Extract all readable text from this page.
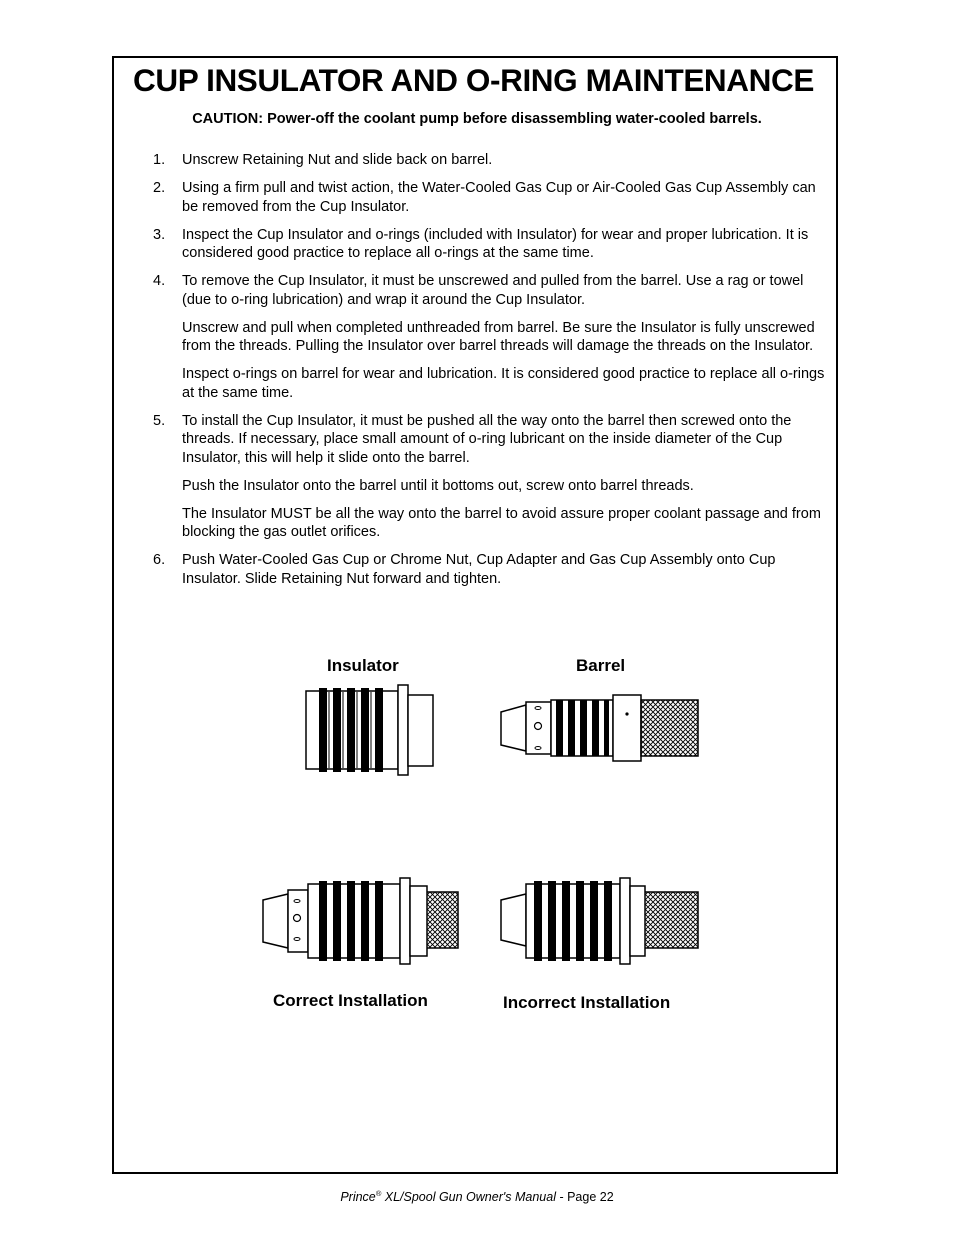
CUP INSULATOR AND O-RING MAINTENANCE
CAUTION: Power-off the coolant pump before disassembling water-cooled barrels.
1. Unscrew Retaining Nut and slide back on barrel.

2. Using a firm pull and twist action, the Water-Cooled Gas Cup or Air-Cooled Gas Cup Assembly can be removed from the Cup Insulator.

3. Inspect the Cup Insulator and o-rings (included with Insulator) for wear and proper lubrication. It is considered good practice to replace all o-rings at the same time.

4. To remove the Cup Insulator, it must be unscrewed and pulled from the barrel. Use a rag or towel (due to o-ring lubrication) and wrap it around the Cup Insulator.

Unscrew and pull when completed unthreaded from barrel. Be sure the Insulator is fully unscrewed from the threads. Pulling the Insulator over barrel threads will damage the threads on the Insulator.

Inspect o-rings on barrel for wear and lubrication. It is considered good practice to replace all o-rings at the same time.

5. To install the Cup Insulator, it must be pushed all the way onto the barrel then screwed onto the threads. If necessary, place small amount of o-ring lubricant on the inside diameter of the Cup Insulator, this will help it slide onto the barrel.

Push the Insulator onto the barrel until it bottoms out, screw onto barrel threads.

The Insulator MUST be all the way onto the barrel to avoid assure proper coolant passage and from blocking the gas outlet orifices.

6. Push Water-Cooled Gas Cup or Chrome Nut, Cup Adapter and Gas Cup Assembly onto Cup Insulator. Slide Retaining Nut forward and tighten.

Insulator	Barrel
Correct Installation	Incorrect Installation
Prince® XL/Spool Gun Owner's Manual - Page 22
